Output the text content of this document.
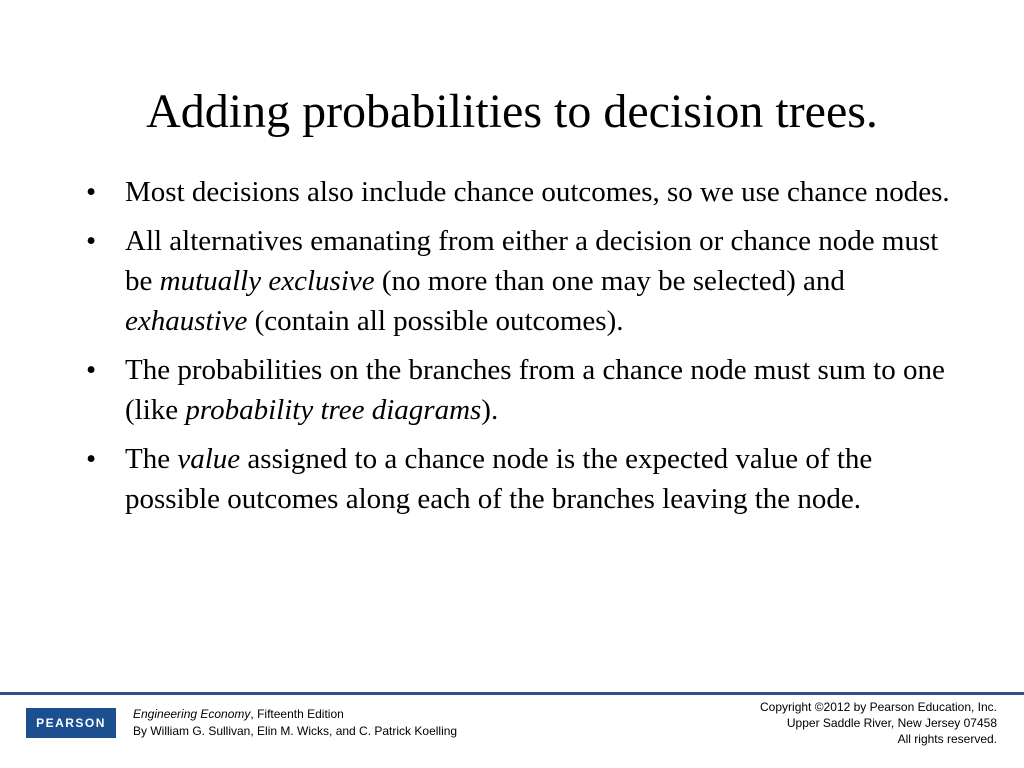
Adding probabilities to decision trees.
• Most decisions also include chance outcomes, so we use chance nodes.
• All alternatives emanating from either a decision or chance node must be mutually exclusive (no more than one may be selected) and exhaustive (contain all possible outcomes).
• The probabilities on the branches from a chance node must sum to one (like probability tree diagrams).
• The value assigned to a chance node is the expected value of the possible outcomes along each of the branches leaving the node.
PEARSON
Engineering Economy, Fifteenth Edition
By William G. Sullivan, Elin M. Wicks, and C. Patrick Koelling
Copyright ©2012 by Pearson Education, Inc.
Upper Saddle River, New Jersey 07458
All rights reserved.
